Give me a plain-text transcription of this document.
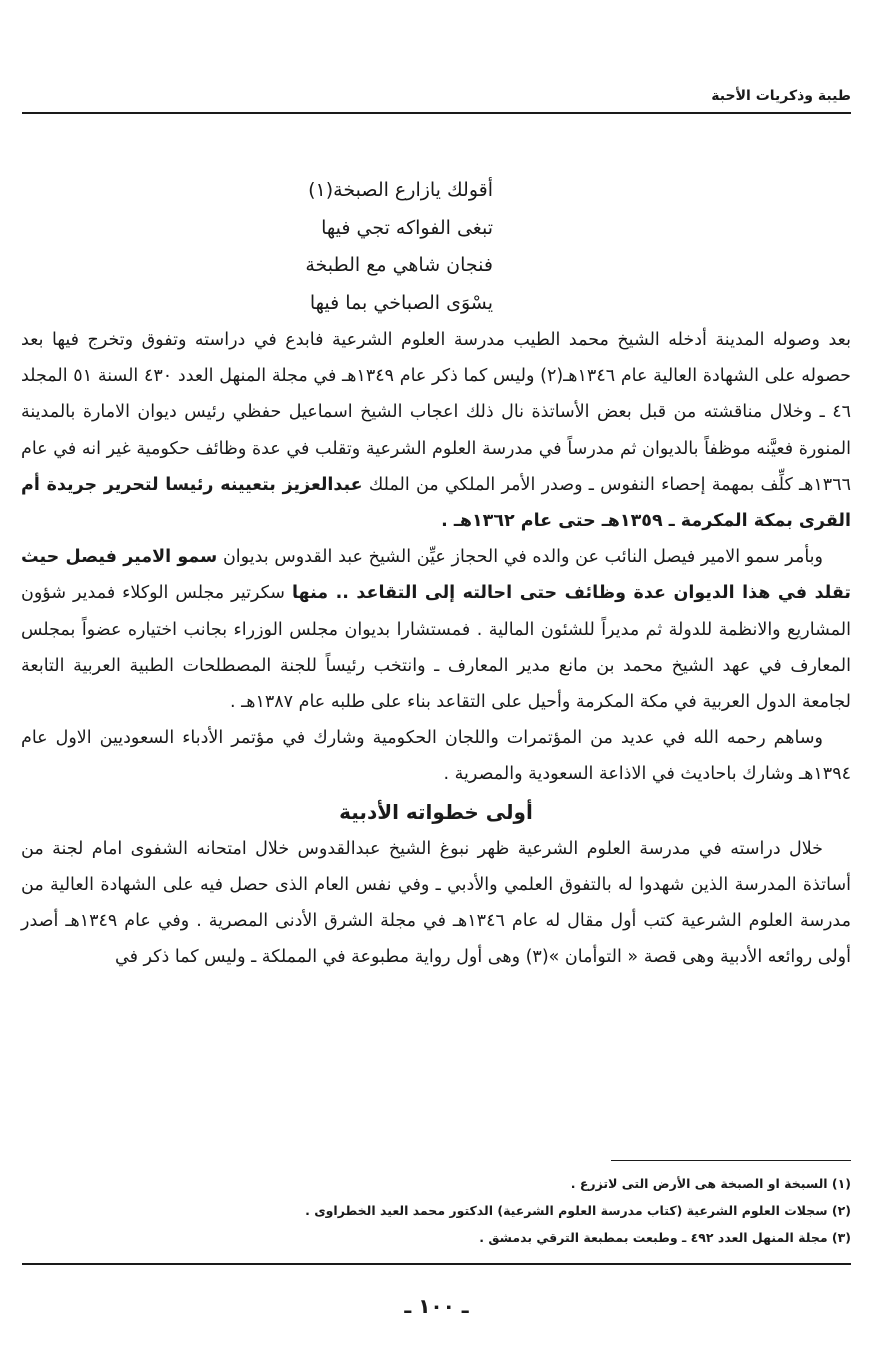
طيبة وذكريات الأحبة
أقولك يازارع الصبخة(١)
تبغى الفواكه تجي فيها
فنجان شاهي مع الطبخة
يسْوَى الصباخي بما فيها

بعد وصوله المدينة أدخله الشيخ محمد الطيب مدرسة العلوم الشرعية فابدع في دراسته وتفوق وتخرج فيها بعد حصوله على الشهادة العالية عام ١٣٤٦هـ(٢) وليس كما ذكر عام ١٣٤٩هـ في مجلة المنهل العدد ٤٣٠ السنة ٥١ المجلد ٤٦ ـ وخلال مناقشته من قبل بعض الأساتذة نال ذلك اعجاب الشيخ اسماعيل حفظي رئيس ديوان الامارة بالمدينة المنورة فعيَّنه موظفاً بالديوان ثم مدرساً في مدرسة العلوم الشرعية وتقلب في عدة وظائف حكومية غير انه في عام ١٣٦٦هـ كلِّف بمهمة إحصاء النفوس ـ وصدر الأمر الملكي من الملك عبدالعزيز بتعيينه رئيسا لتحرير جريدة أم القرى بمكة المكرمة ـ ١٣٥٩هـ حتى عام ١٣٦٢هـ .

وبأمر سمو الامير فيصل النائب عن والده في الحجاز عيِّن الشيخ عبد القدوس بديوان سمو الامير فيصل حيث تقلد في هذا الديوان عدة وظائف حتى احالته إلى التقاعد .. منها سكرتير مجلس الوكلاء فمدير شؤون المشاريع والانظمة للدولة ثم مديراً للشئون المالية . فمستشارا بديوان مجلس الوزراء بجانب اختياره عضواً بمجلس المعارف في عهد الشيخ محمد بن مانع مدير المعارف ـ وانتخب رئيساً للجنة المصطلحات الطبية العربية التابعة لجامعة الدول العربية في مكة المكرمة وأحيل على التقاعد بناء على طلبه عام ١٣٨٧هـ .

وساهم رحمه الله في عديد من المؤتمرات واللجان الحكومية وشارك في مؤتمر الأدباء السعوديين الاول عام ١٣٩٤هـ وشارك باحاديث في الاذاعة السعودية والمصرية .

أولى خطواته الأدبية

خلال دراسته في مدرسة العلوم الشرعية ظهر نبوغ الشيخ عبدالقدوس خلال امتحانه الشفوى امام لجنة من أساتذة المدرسة الذين شهدوا له بالتفوق العلمي والأدبي ـ وفي نفس العام الذى حصل فيه على الشهادة العالية من مدرسة العلوم الشرعية كتب أول مقال له عام ١٣٤٦هـ في مجلة الشرق الأدنى المصرية . وفي عام ١٣٤٩هـ أصدر أولى روائعه الأدبية وهى قصة « التوأمان »(٣) وهى أول رواية مطبوعة في المملكة ـ وليس كما ذكر في

(١) السبخة او الصبخة هى الأرض التى لاتزرع .
(٢) سجلات العلوم الشرعية (كتاب مدرسة العلوم الشرعية) الدكتور محمد العيد الخطراوى .
(٣) مجلة المنهل العدد ٤٩٢ ـ وطبعت بمطبعة الترقي بدمشق .
ـ ١٠٠ ـ
